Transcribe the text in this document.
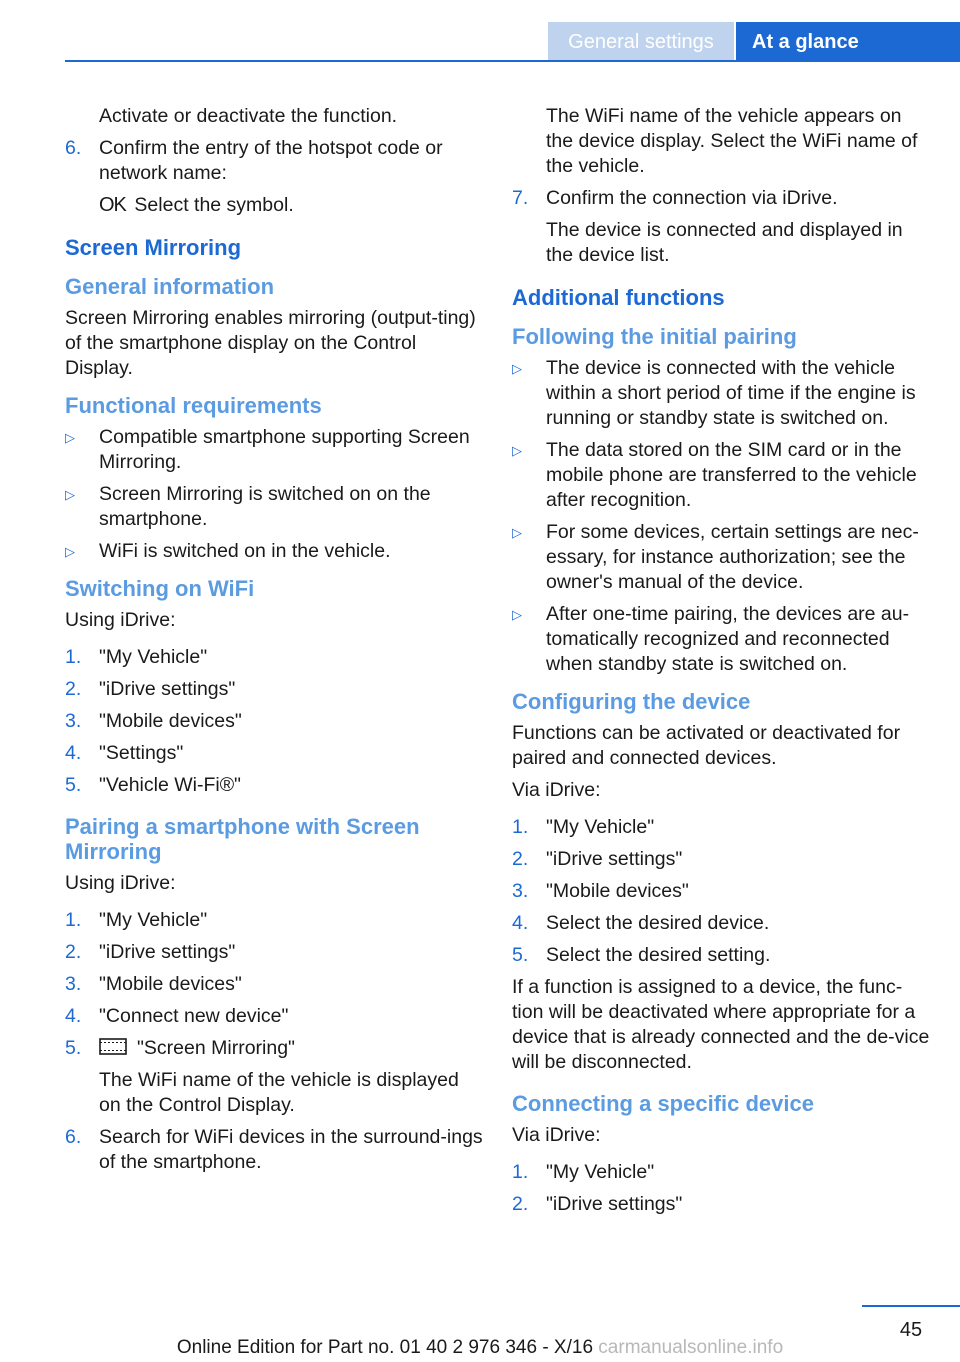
General settings	At a glance

Activate or deactivate the function.

6. Confirm the entry of the hotspot code or network name:
OK Select the symbol.
Screen Mirroring
General information

Screen Mirroring enables mirroring (output-ting) of the smartphone display on the Control Display.

Functional requirements
▷	Compatible smartphone supporting Screen Mirroring.
▷	Screen Mirroring is switched on on the smartphone.
▷	WiFi is switched on in the vehicle.
Switching on WiFi

Using iDrive:

1. "My Vehicle"
2. "iDrive settings"
3. "Mobile devices"
4. "Settings"
5. "Vehicle Wi-Fi®"
Pairing a smartphone with Screen Mirroring

Using iDrive:

1. "My Vehicle"
2. "iDrive settings"
3. "Mobile devices"
4. "Connect new device"
5.	"Screen Mirroring"
The WiFi name of the vehicle is displayed on the Control Display.
6. Search for WiFi devices in the surround-ings of the smartphone.

The WiFi name of the vehicle appears on the device display. Select the WiFi name of the vehicle.

7. Confirm the connection via iDrive.
The device is connected and displayed in the device list.
Additional functions
Following the initial pairing
▷	The device is connected with the vehicle within a short period of time if the engine is running or standby state is switched on.
▷	The data stored on the SIM card or in the mobile phone are transferred to the vehicle after recognition.
▷	For some devices, certain settings are nec-essary, for instance authorization; see the owner's manual of the device.
▷	After one-time pairing, the devices are au-tomatically recognized and reconnected when standby state is switched on.
Configuring the device

Functions can be activated or deactivated for paired and connected devices.

Via iDrive:

1. "My Vehicle"
2. "iDrive settings"
3. "Mobile devices"
4. Select the desired device.
5. Select the desired setting.

If a function is assigned to a device, the func-tion will be deactivated where appropriate for a device that is already connected and the de-vice will be disconnected.

Connecting a specific device

Via iDrive:

1. "My Vehicle"
2. "iDrive settings"
45
Online Edition for Part no. 01 40 2 976 346 - X/16 carmanualsonline.info
